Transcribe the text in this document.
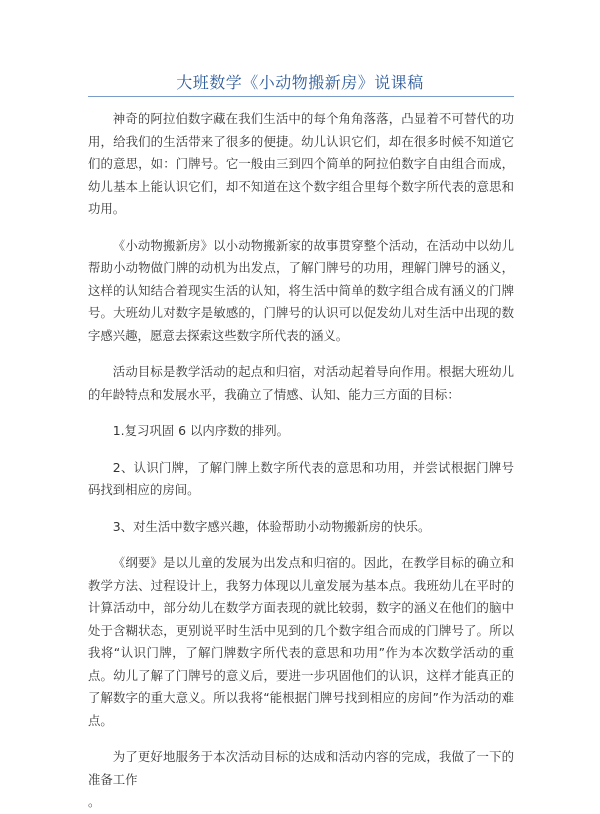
大班数学《小动物搬新房》说课稿

神奇的阿拉伯数字藏在我们生活中的每个角角落落，凸显着不可替代的功用，给我们的生活带来了很多的便捷。幼儿认识它们，却在很多时候不知道它们的意思，如：门牌号。它一般由三到四个简单的阿拉伯数字自由组合而成，幼儿基本上能认识它们，却不知道在这个数字组合里每个数字所代表的意思和功用。

《小动物搬新房》以小动物搬新家的故事贯穿整个活动，在活动中以幼儿帮助小动物做门牌的动机为出发点，了解门牌号的功用，理解门牌号的涵义，这样的认知结合着现实生活的认知，将生活中简单的数字组合成有涵义的门牌号。大班幼儿对数字是敏感的，门牌号的认识可以促发幼儿对生活中出现的数字感兴趣，愿意去探索这些数字所代表的涵义。

活动目标是教学活动的起点和归宿，对活动起着导向作用。根据大班幼儿的年龄特点和发展水平，我确立了情感、认知、能力三方面的目标：

1.复习巩固 6 以内序数的排列。

2、认识门牌，了解门牌上数字所代表的意思和功用，并尝试根据门牌号码找到相应的房间。

3、对生活中数字感兴趣，体验帮助小动物搬新房的快乐。

《纲要》是以儿童的发展为出发点和归宿的。因此，在教学目标的确立和教学方法、过程设计上，我努力体现以儿童发展为基本点。我班幼儿在平时的计算活动中，部分幼儿在数学方面表现的就比较弱，数字的涵义在他们的脑中处于含糊状态，更别说平时生活中见到的几个数字组合而成的门牌号了。所以我将“认识门牌，了解门牌数字所代表的意思和功用”作为本次数学活动的重点。幼儿了解了门牌号的意义后，要进一步巩固他们的认识，这样才能真正的了解数字的重大意义。所以我将“能根据门牌号找到相应的房间”作为活动的难点。

为了更好地服务于本次活动目标的达成和活动内容的完成，我做了一下的准备工作

。
